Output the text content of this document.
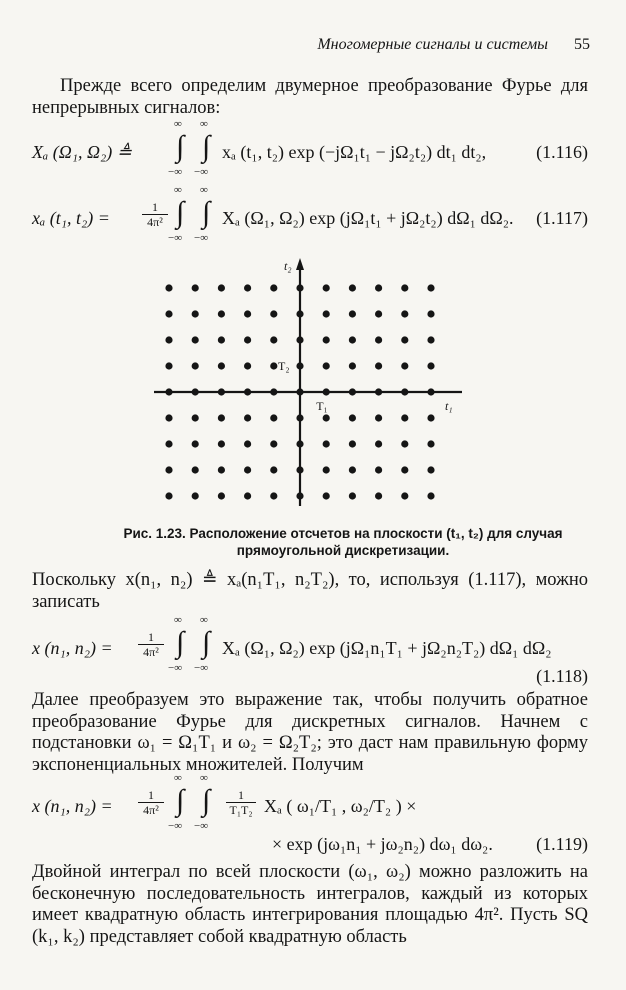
Многомерные сигналы и системы 55

Прежде всего определим двумерное преобразование Фурье для непрерывных сигналов:

Xₐ (Ω₁, Ω₂) ≜
∞
∫
−∞
∞
∫
−∞
xₐ (t₁, t₂) exp (−jΩ₁t₁ − jΩ₂t₂) dt₁ dt₂,	(1.116)
xₐ (t₁, t₂) =	$\frac{1}{\text{4π²}}$
∞
∫
−∞
∞
∫
−∞
Xₐ (Ω₁, Ω₂) exp (jΩ₁t₁ + jΩ₂t₂) dΩ₁ dΩ₂. (1.117)
t₂
t₁
T₁
T₂
Рис. 1.23. Расположение отсчетов на плоскости (t₁, t₂) для случая прямоугольной дискретизации.

Поскольку x(n₁, n₂) ≜ xₐ(n₁T₁, n₂T₂), то, используя (1.117), можно записать

x (n₁, $n_2) = \frac{1}{\text{4π²}}$
∞
∫
−∞
∞
∫
−∞
Xₐ (Ω₁, Ω₂) exp (jΩ₁n₁T₁ + jΩ₂n₂T₂) dΩ₁ dΩ₂
(1.118)

Далее преобразуем это выражение так, чтобы получить обратное преобразование Фурье для дискретных сигналов. Начнем с подстановки ω₁ = Ω₁T₁ и ω₂ = Ω₂T₂; это даст нам правильную форму экспоненциальных множителей. Получим

x (n₁, $n_2) = \frac{1}{\text{4π²}}$
∞
∫
−∞
∞
∫
−∞
$\frac{1}{\text{T₁T₂}}$ Xₐ ( ω₁/T₁ , ω₂/T₂ ) ×
× exp (jω₁n₁ + jω₂n₂) dω₁ dω₂. (1.119)

Двойной интеграл по всей плоскости (ω₁, ω₂) можно разложить на бесконечную последовательность интегралов, каждый из которых имеет квадратную область интегрирования площадью 4π². Пусть SQ (k₁, k₂) представляет собой квадратную область
